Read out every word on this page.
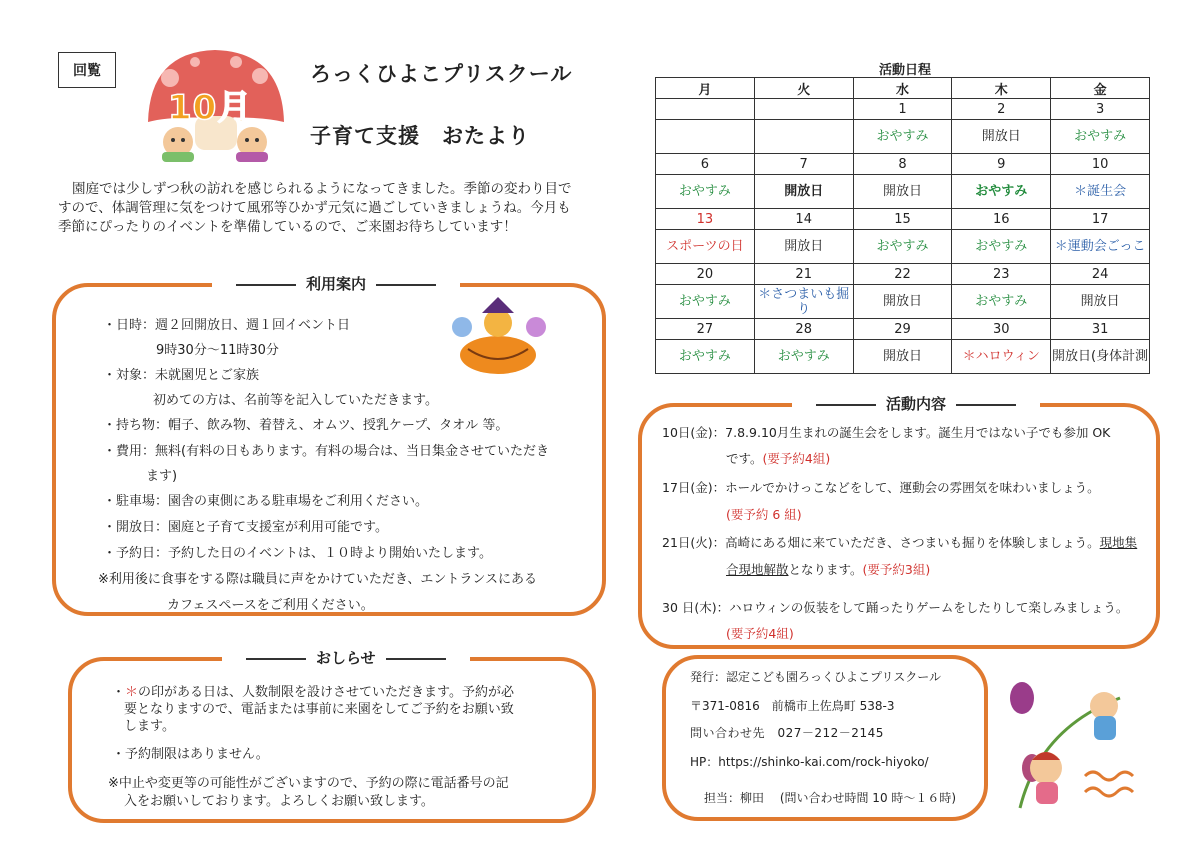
回覧
10月
ろっくひよこプリスクール
子育て支援　おたより
園庭では少しずつ秋の訪れを感じられるようになってきました。季節の変わり目ですので、体調管理に気をつけて風邪等ひかず元気に過ごしていきましょうね。今月も季節にぴったりのイベントを準備しているので、ご来園お待ちしています！
利用案内
・日時：週２回開放日、週１回イベント日
9時30分～11時30分
・対象：未就園児とご家族
初めての方は、名前等を記入していただきます。
・持ち物：帽子、飲み物、着替え、オムツ、授乳ケープ、タオル 等。
・費用：無料(有料の日もあります。有料の場合は、当日集金させていただき
ます)
・駐車場：園舎の東側にある駐車場をご利用ください。
・開放日：園庭と子育て支援室が利用可能です。
・予約日：予約した日のイベントは、１０時より開始いたします。
※利用後に食事をする際は職員に声をかけていただき、エントランスにある
カフェスペースをご利用ください。
おしらせ
・＊の印がある日は、人数制限を設けさせていただきます。予約が必
要となりますので、電話または事前に来園をしてご予約をお願い致
します。
・予約制限はありません。
※中止や変更等の可能性がございますので、予約の際に電話番号の記
入をお願いしております。よろしくお願い致します。
活動日程
月	火	水	木	金
		1	2	3
		おやすみ	開放日	おやすみ
6	7	8	9	10
おやすみ	開放日	開放日	おやすみ	＊誕生会
13	14	15	16	17
スポーツの日	開放日	おやすみ	おやすみ	＊運動会ごっこ
20	21	22	23	24
おやすみ	＊さつまいも掘り	開放日	おやすみ	開放日
27	28	29	30	31
おやすみ	おやすみ	開放日	＊ハロウィン	開放日(身体計測
活動内容
10日(金)：7.8.9.10月生まれの誕生会をします。誕生月ではない子でも参加 OK
です。(要予約4組)
17日(金)：ホールでかけっこなどをして、運動会の雰囲気を味わいましょう。
(要予約 6 組)
21日(火)：高崎にある畑に来ていただき、さつまいも掘りを体験しましょう。現地集
合現地解散となります。(要予約3組)
30 日(木)：ハロウィンの仮装をして踊ったりゲームをしたりして楽しみましょう。
(要予約4組)
発行：認定こども園ろっくひよこプリスクール
〒371-0816　前橋市上佐鳥町 538-3
問い合わせ先　027－212－2145
HP：https://shinko-kai.com/rock-hiyoko/
担当：柳田　 (問い合わせ時間 10 時～１６時)
